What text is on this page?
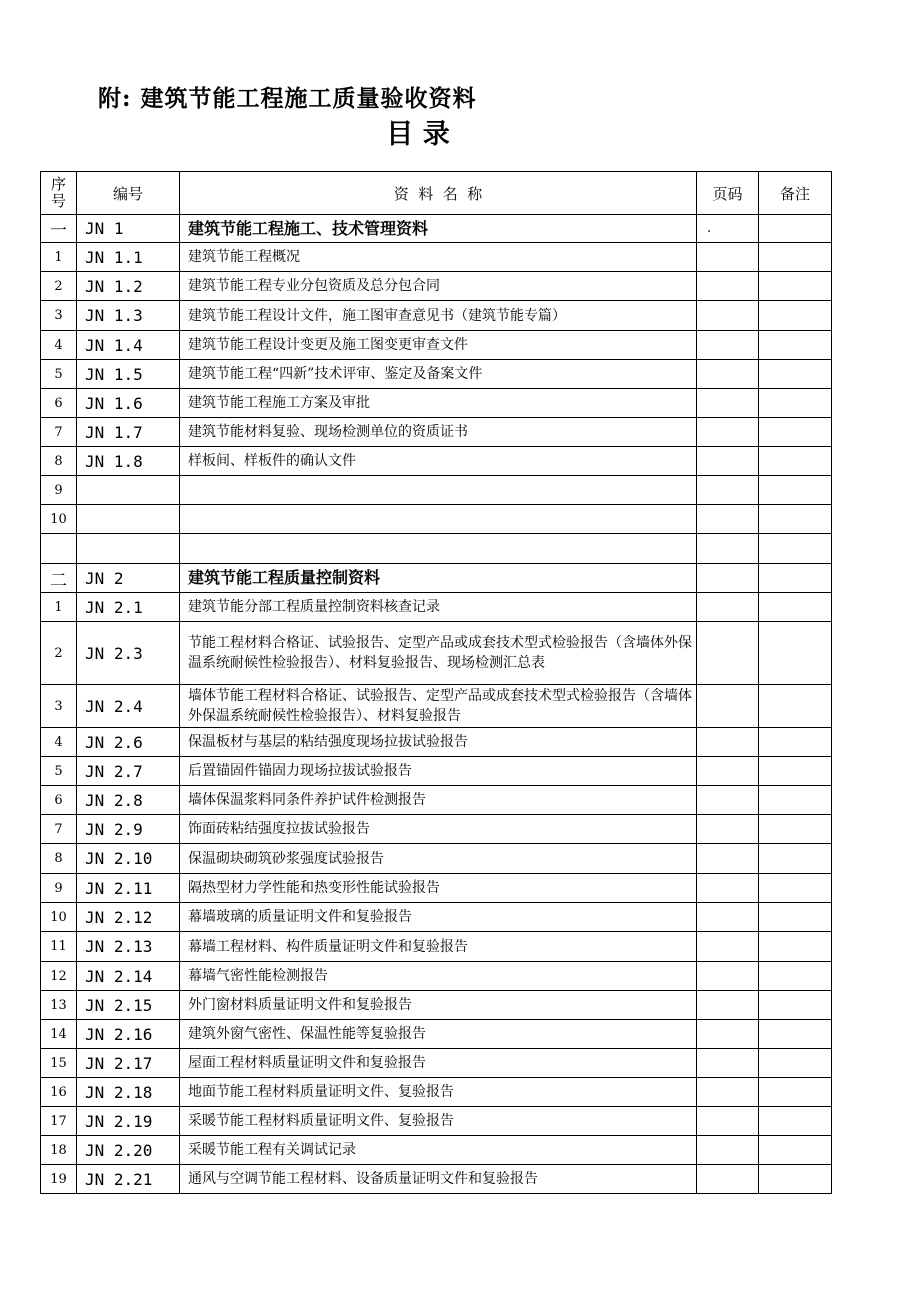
附: 建筑节能工程施工质量验收资料
目 录
序
号	编号	资  料  名  称	页码	备注
一	JN 1	建筑节能工程施工、技术管理资料	.	
1	JN 1.1	建筑节能工程概况		
2	JN 1.2	建筑节能工程专业分包资质及总分包合同		
3	JN 1.3	建筑节能工程设计文件，施工图审查意见书（建筑节能专篇）		
4	JN 1.4	建筑节能工程设计变更及施工图变更审查文件		
5	JN 1.5	建筑节能工程“四新”技术评审、鉴定及备案文件		
6	JN 1.6	建筑节能工程施工方案及审批		
7	JN 1.7	建筑节能材料复验、现场检测单位的资质证书		
8	JN 1.8	样板间、样板件的确认文件		
9				
10				

二	JN 2	建筑节能工程质量控制资料		
1	JN 2.1	建筑节能分部工程质量控制资料核查记录		
2	JN 2.3	节能工程材料合格证、试验报告、定型产品或成套技术型式检验报告（含墙体外保温系统耐候性检验报告）、材料复验报告、现场检测汇总表		
3	JN 2.4	墙体节能工程材料合格证、试验报告、定型产品或成套技术型式检验报告（含墙体外保温系统耐候性检验报告）、材料复验报告		
4	JN 2.6	保温板材与基层的粘结强度现场拉拔试验报告		
5	JN 2.7	后置锚固件锚固力现场拉拔试验报告		
6	JN 2.8	墙体保温浆料同条件养护试件检测报告		
7	JN 2.9	饰面砖粘结强度拉拔试验报告		
8	JN 2.10	保温砌块砌筑砂浆强度试验报告		
9	JN 2.11	隔热型材力学性能和热变形性能试验报告		
10	JN 2.12	幕墙玻璃的质量证明文件和复验报告		
11	JN 2.13	幕墙工程材料、构件质量证明文件和复验报告		
12	JN 2.14	幕墙气密性能检测报告		
13	JN 2.15	外门窗材料质量证明文件和复验报告		
14	JN 2.16	建筑外窗气密性、保温性能等复验报告		
15	JN 2.17	屋面工程材料质量证明文件和复验报告		
16	JN 2.18	地面节能工程材料质量证明文件、复验报告		
17	JN 2.19	采暖节能工程材料质量证明文件、复验报告		
18	JN 2.20	采暖节能工程有关调试记录		
19	JN 2.21	通风与空调节能工程材料、设备质量证明文件和复验报告		
